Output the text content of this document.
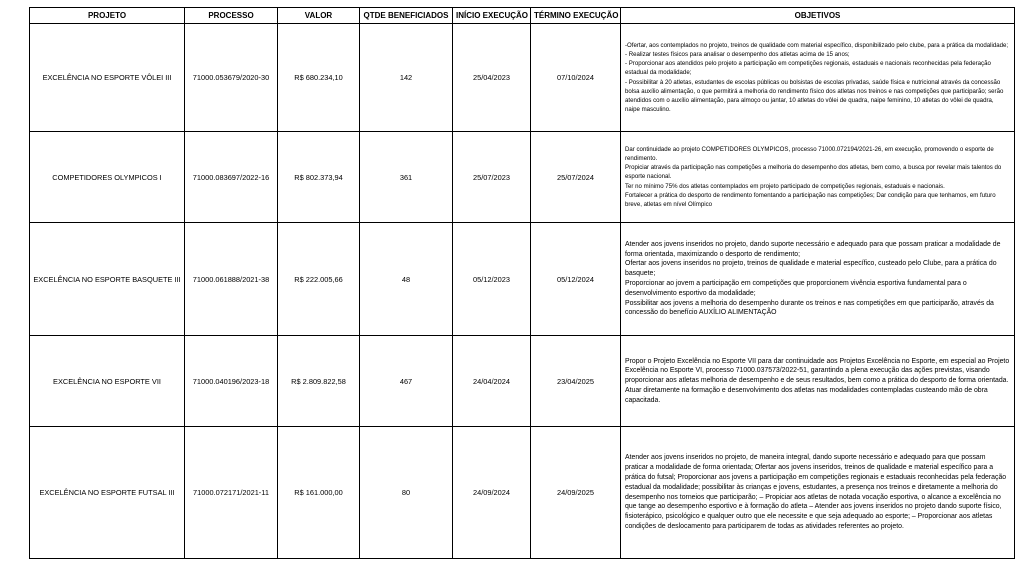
PROJETO	PROCESSO	VALOR	QTDE BENEFICIADOS	INÍCIO EXECUÇÃO	TÉRMINO EXECUÇÃO	OBJETIVOS
EXCELÊNCIA NO ESPORTE VÔLEI III	71000.053679/2020-30	R$ 680.234,10	142	25/04/2023	07/10/2024	-Ofertar, aos contemplados no projeto, treinos de qualidade com material específico, disponibilizado pelo clube, para a prática da modalidade;
- Realizar testes físicos para analisar o desempenho dos atletas acima de 15 anos;
- Proporcionar aos atendidos pelo projeto a participação em competições regionais, estaduais e nacionais reconhecidas pela federação estadual da modalidade;
- Possibilitar à 20 atletas, estudantes de escolas públicas ou bolsistas de escolas privadas, saúde física e nutricional através da concessão bolsa auxílio alimentação, o que permitirá a melhoria do rendimento físico dos atletas nos treinos e nas competições que participarão; serão atendidos com o auxílio alimentação, para almoço ou jantar, 10 atletas do vôlei de quadra, naipe feminino, 10 atletas do vôlei de quadra, naipe masculino.

COMPETIDORES OLYMPICOS I	71000.083697/2022-16	R$ 802.373,94	361	25/07/2023	25/07/2024	Dar continuidade ao projeto COMPETIDORES OLYMPICOS, processo 71000.072194/2021-26, em execução, promovendo o esporte de rendimento.
Propiciar através da participação nas competições a melhoria do desempenho dos atletas, bem como, a busca por revelar mais talentos do esporte nacional.
Ter no mínimo 75% dos atletas contemplados em projeto participado de competições regionais, estaduais e nacionais.
Fortalecer a prática do desporto de rendimento fomentando a participação nas competições; Dar condição para que tenhamos, em futuro breve, atletas em nível Olímpico

EXCELÊNCIA NO ESPORTE BASQUETE III	71000.061888/2021-38	R$ 222.005,66	48	05/12/2023	05/12/2024	Atender aos jovens inseridos no projeto, dando suporte necessário e adequado para que possam praticar a modalidade de forma orientada, maximizando o desporto de rendimento;
Ofertar aos jovens inseridos no projeto, treinos de qualidade e material específico, custeado pelo Clube, para a prática do basquete;
Proporcionar ao jovem a participação em competições que proporcionem vivência esportiva fundamental para o desenvolvimento esportivo da modalidade;
Possibilitar aos jovens a melhoria do desempenho durante os treinos e nas competições em que participarão, através da concessão do benefício AUXÍLIO ALIMENTAÇÃO

EXCELÊNCIA NO ESPORTE VII	71000.040196/2023-18	R$ 2.809.822,58	467	24/04/2024	23/04/2025	Propor o Projeto Excelência no Esporte VII para dar continuidade aos Projetos Excelência no Esporte, em especial ao Projeto Excelência no Esporte VI, processo 71000.037573/2022-51, garantindo a plena execução das ações previstas, visando proporcionar aos atletas melhoria de desempenho e de seus resultados, bem como a prática do desporto de forma orientada. Atuar diretamente na formação e desenvolvimento dos atletas nas modalidades contempladas custeando mão de obra capacitada.

EXCELÊNCIA NO ESPORTE FUTSAL III	71000.072171/2021-11	R$ 161.000,00	80	24/09/2024	24/09/2025	Atender aos jovens inseridos no projeto, de maneira integral, dando suporte necessário e adequado para que possam praticar a modalidade de forma orientada; Ofertar aos jovens inseridos, treinos de qualidade e material específico para a prática do futsal; Proporcionar aos jovens a participação em competições regionais e estaduais reconhecidas pela federação estadual da modalidade; possibilitar às crianças e jovens, estudantes, a presença nos treinos e diretamente a melhoria do desempenho nos torneios que participarão; – Propiciar aos atletas de notada vocação esportiva, o alcance a excelência no que tange ao desempenho esportivo e à formação do atleta – Atender aos jovens inseridos no projeto dando suporte físico, fisioterápico, psicológico e qualquer outro que ele necessite e que seja adequado ao esporte; – Proporcionar aos atletas condições de deslocamento para participarem de todas as atividades referentes ao projeto.
